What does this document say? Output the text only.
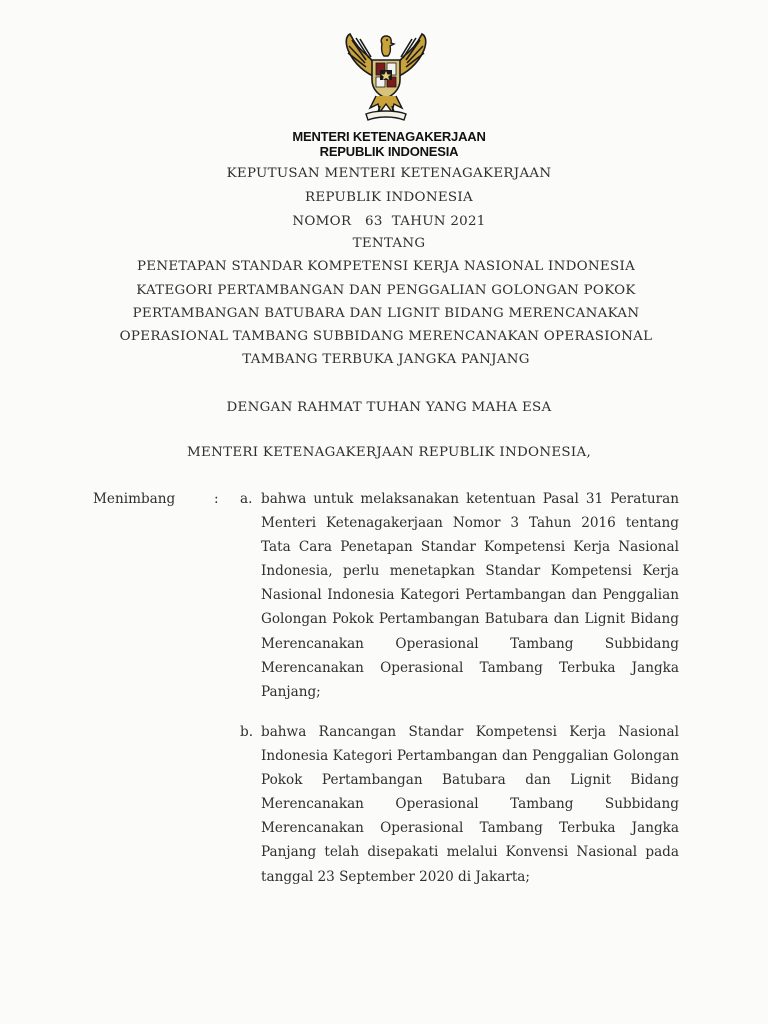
MENTERI KETENAGAKERJAAN
REPUBLIK INDONESIA
KEPUTUSAN MENTERI KETENAGAKERJAAN
REPUBLIK INDONESIA
NOMOR   63  TAHUN 2021
TENTANG
PENETAPAN STANDAR KOMPETENSI KERJA NASIONAL INDONESIA
KATEGORI PERTAMBANGAN DAN PENGGALIAN GOLONGAN POKOK
PERTAMBANGAN BATUBARA DAN LIGNIT BIDANG MERENCANAKAN
OPERASIONAL TAMBANG SUBBIDANG MERENCANAKAN OPERASIONAL
TAMBANG TERBUKA JANGKA PANJANG
DENGAN RAHMAT TUHAN YANG MAHA ESA
MENTERI KETENAGAKERJAAN REPUBLIK INDONESIA,
Menimbang	: a. bahwa untuk melaksanakan ketentuan Pasal 31 Peraturan Menteri Ketenagakerjaan Nomor 3 Tahun 2016 tentang Tata Cara Penetapan Standar Kompetensi Kerja Nasional Indonesia, perlu menetapkan Standar Kompetensi Kerja Nasional Indonesia Kategori Pertambangan dan Penggalian Golongan Pokok Pertambangan Batubara dan Lignit Bidang Merencanakan Operasional Tambang Subbidang Merencanakan Operasional Tambang Terbuka Jangka Panjang;
b. bahwa Rancangan Standar Kompetensi Kerja Nasional Indonesia Kategori Pertambangan dan Penggalian Golongan Pokok Pertambangan Batubara dan Lignit Bidang Merencanakan Operasional Tambang Subbidang Merencanakan Operasional Tambang Terbuka Jangka Panjang telah disepakati melalui Konvensi Nasional pada tanggal 23 September 2020 di Jakarta;
